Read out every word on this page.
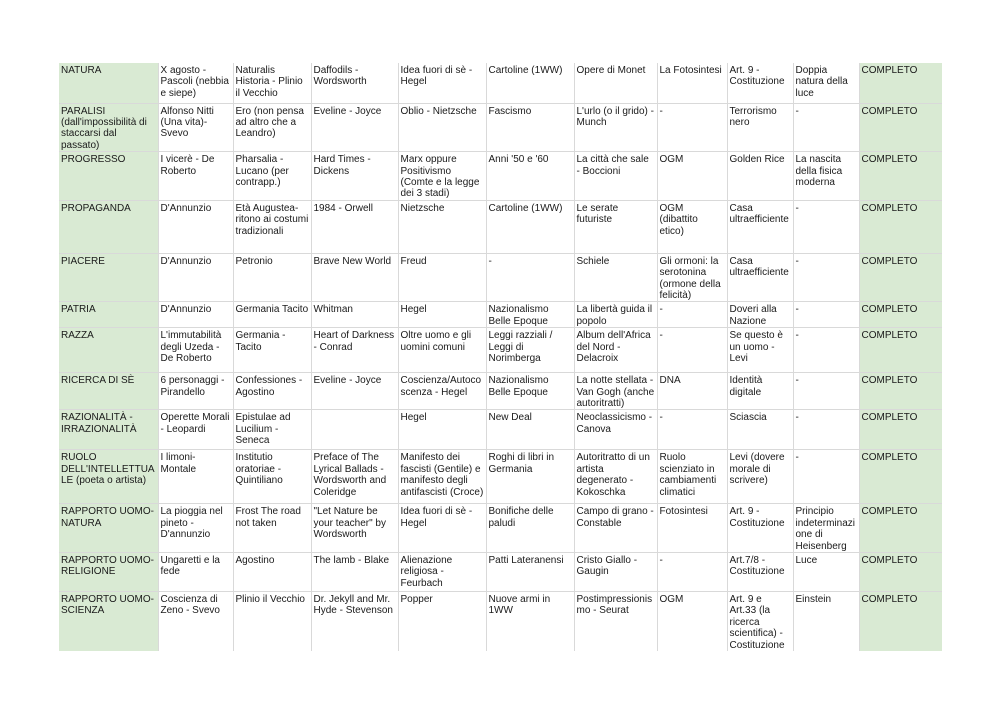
NATURA	X agosto - Pascoli (nebbia e siepe)	Naturalis Historia - Plinio il Vecchio	Daffodils - Wordsworth	Idea fuori di sè - Hegel	Cartoline (1WW)	Opere di Monet	La Fotosintesi	Art. 9 - Costituzione	Doppia natura della luce	COMPLETO
PARALISI (dall'impossibilità di staccarsi dal passato)	Alfonso Nitti (Una vita)- Svevo	Ero (non pensa ad altro che a Leandro)	Eveline - Joyce	Oblio - Nietzsche	Fascismo	L'urlo (o il grido) - Munch	-	Terrorismo nero	-	COMPLETO
PROGRESSO	I vicerè - De Roberto	Pharsalia - Lucano (per contrapp.)	Hard Times - Dickens	Marx oppure Positivismo (Comte e la legge dei 3 stadi)	Anni '50 e '60	La città che sale - Boccioni	OGM	Golden Rice	La nascita della fisica moderna	COMPLETO
PROPAGANDA	D'Annunzio	Età Augustea- ritono ai costumi tradizionali	1984 - Orwell	Nietzsche	Cartoline (1WW)	Le serate futuriste	OGM (dibattito etico)	Casa ultraefficiente	-	COMPLETO
PIACERE	D'Annunzio	Petronio	Brave New World	Freud	-	Schiele	Gli ormoni: la serotonina (ormone della felicità)	Casa ultraefficiente	-	COMPLETO
PATRIA	D'Annunzio	Germania Tacito	Whitman	Hegel	Nazionalismo Belle Epoque	La libertà guida il popolo	-	Doveri alla Nazione	-	COMPLETO
RAZZA	L'immutabilità degli Uzeda - De Roberto	Germania - Tacito	Heart of Darkness - Conrad	Oltre uomo e gli uomini comuni	Leggi razziali / Leggi di Norimberga	Album dell'Africa del Nord - Delacroix	-	Se questo è un uomo - Levi	-	COMPLETO
RICERCA DI SÈ	6 personaggi - Pirandello	Confessiones - Agostino	Eveline - Joyce	Coscienza/Autoco scenza - Hegel	Nazionalismo Belle Epoque	La notte stellata - Van Gogh (anche autoritratti)	DNA	Identità digitale	-	COMPLETO
RAZIONALITÀ - IRRAZIONALITÀ	Operette Morali - Leopardi	Epistulae ad Lucilium - Seneca		Hegel	New Deal	Neoclassicismo - Canova	-	Sciascia	-	COMPLETO
RUOLO DELL'INTELLETTUA LE (poeta o artista)	I limoni- Montale	Institutio oratoriae - Quintiliano	Preface of The Lyrical Ballads - Wordsworth and Coleridge	Manifesto dei fascisti (Gentile) e manifesto degli antifascisti (Croce)	Roghi di libri in Germania	Autoritratto di un artista degenerato - Kokoschka	Ruolo scienziato in cambiamenti climatici	Levi (dovere morale di scrivere)	-	COMPLETO
RAPPORTO UOMO- NATURA	La pioggia nel pineto - D'annunzio	Frost The road not taken	"Let Nature be your teacher" by Wordsworth	Idea fuori di sè - Hegel	Bonifiche delle paludi	Campo di grano - Constable	Fotosintesi	Art. 9 - Costituzione	Principio indeterminazi one di Heisenberg	COMPLETO
RAPPORTO UOMO- RELIGIONE	Ungaretti e la fede	Agostino	The lamb - Blake	Alienazione religiosa - Feurbach	Patti Lateranensi	Cristo Giallo - Gaugin	-	Art.7/8 - Costituzione	Luce	COMPLETO
RAPPORTO UOMO- SCIENZA	Coscienza di Zeno - Svevo	Plinio il Vecchio	Dr. Jekyll and Mr. Hyde - Stevenson	Popper	Nuove armi in 1WW	Postimpressionis mo - Seurat	OGM	Art. 9 e Art.33 (la ricerca scientifica) - Costituzione	Einstein	COMPLETO
